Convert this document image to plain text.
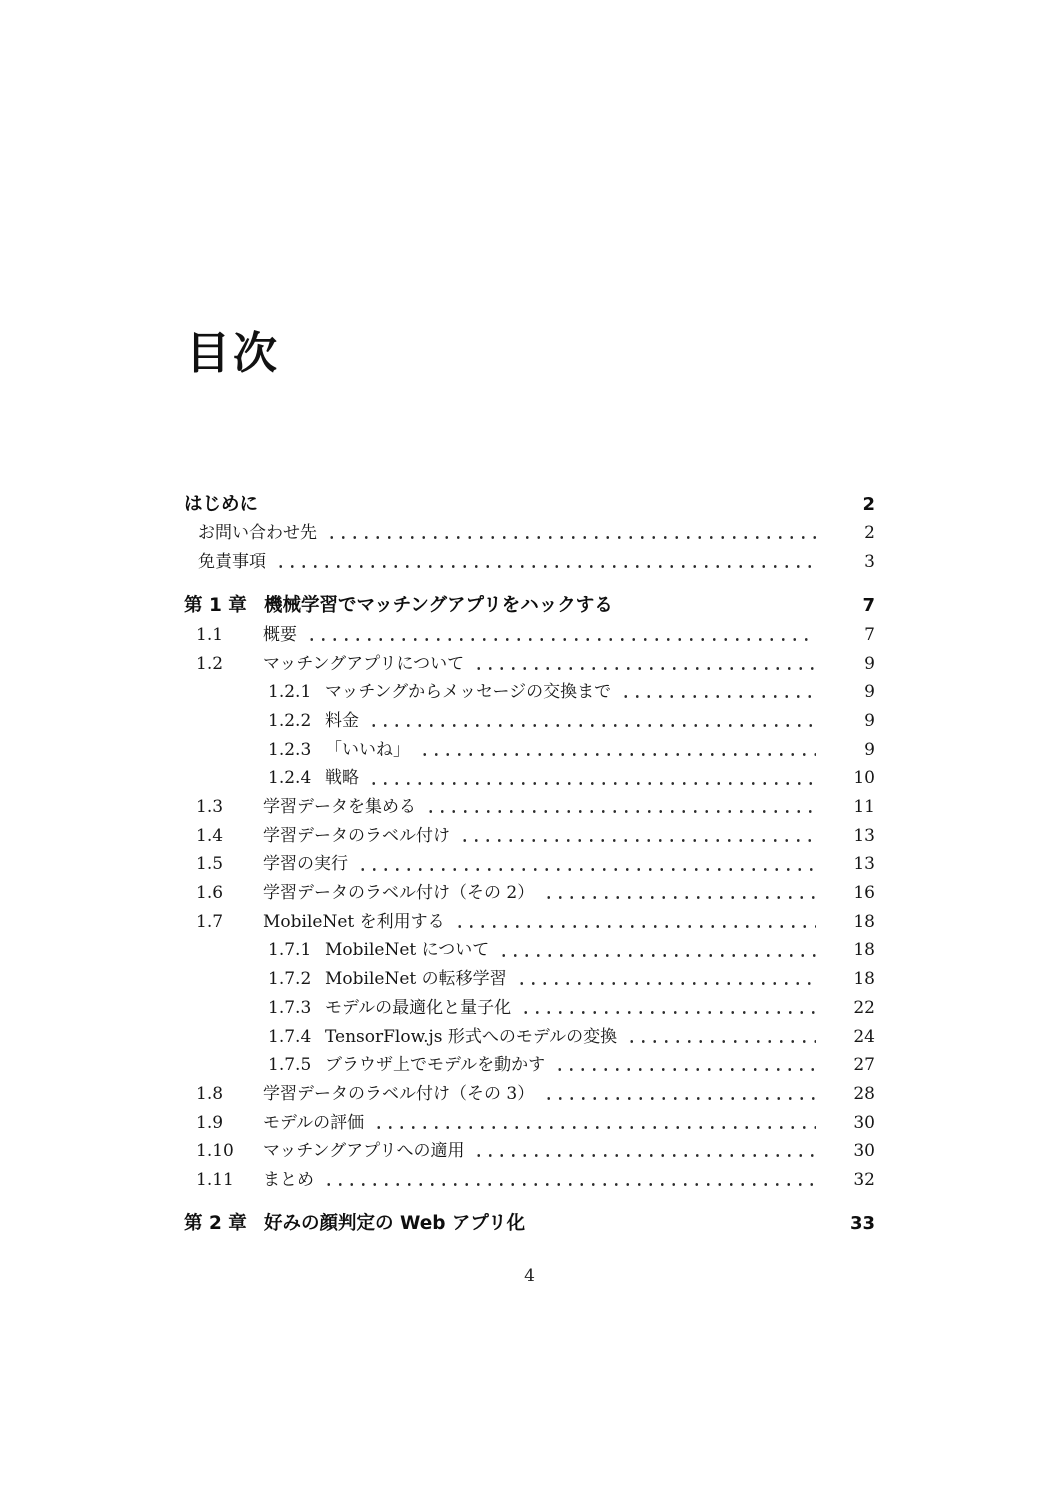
目次
はじめに	2
お問い合わせ先	2
免責事項	3
第 1 章 機械学習でマッチングアプリをハックする	7
1.1	概要	7
1.2	マッチングアプリについて	9
1.2.1 マッチングからメッセージの交換まで	9
1.2.2 料金	9
1.2.3 「いいね」	9
1.2.4 戦略	10
1.3	学習データを集める	11
1.4	学習データのラベル付け	13
1.5	学習の実行	13
1.6	学習データのラベル付け（その 2）	16
1.7	MobileNet を利用する	18
1.7.1 MobileNet について	18
1.7.2 MobileNet の転移学習	18
1.7.3 モデルの最適化と量子化	22
1.7.4 TensorFlow.js 形式へのモデルの変換	24
1.7.5 ブラウザ上でモデルを動かす	27
1.8	学習データのラベル付け（その 3）	28
1.9	モデルの評価	30
1.10	マッチングアプリへの適用	30
1.11	まとめ	32
第 2 章 好みの顔判定の Web アプリ化	33
4
